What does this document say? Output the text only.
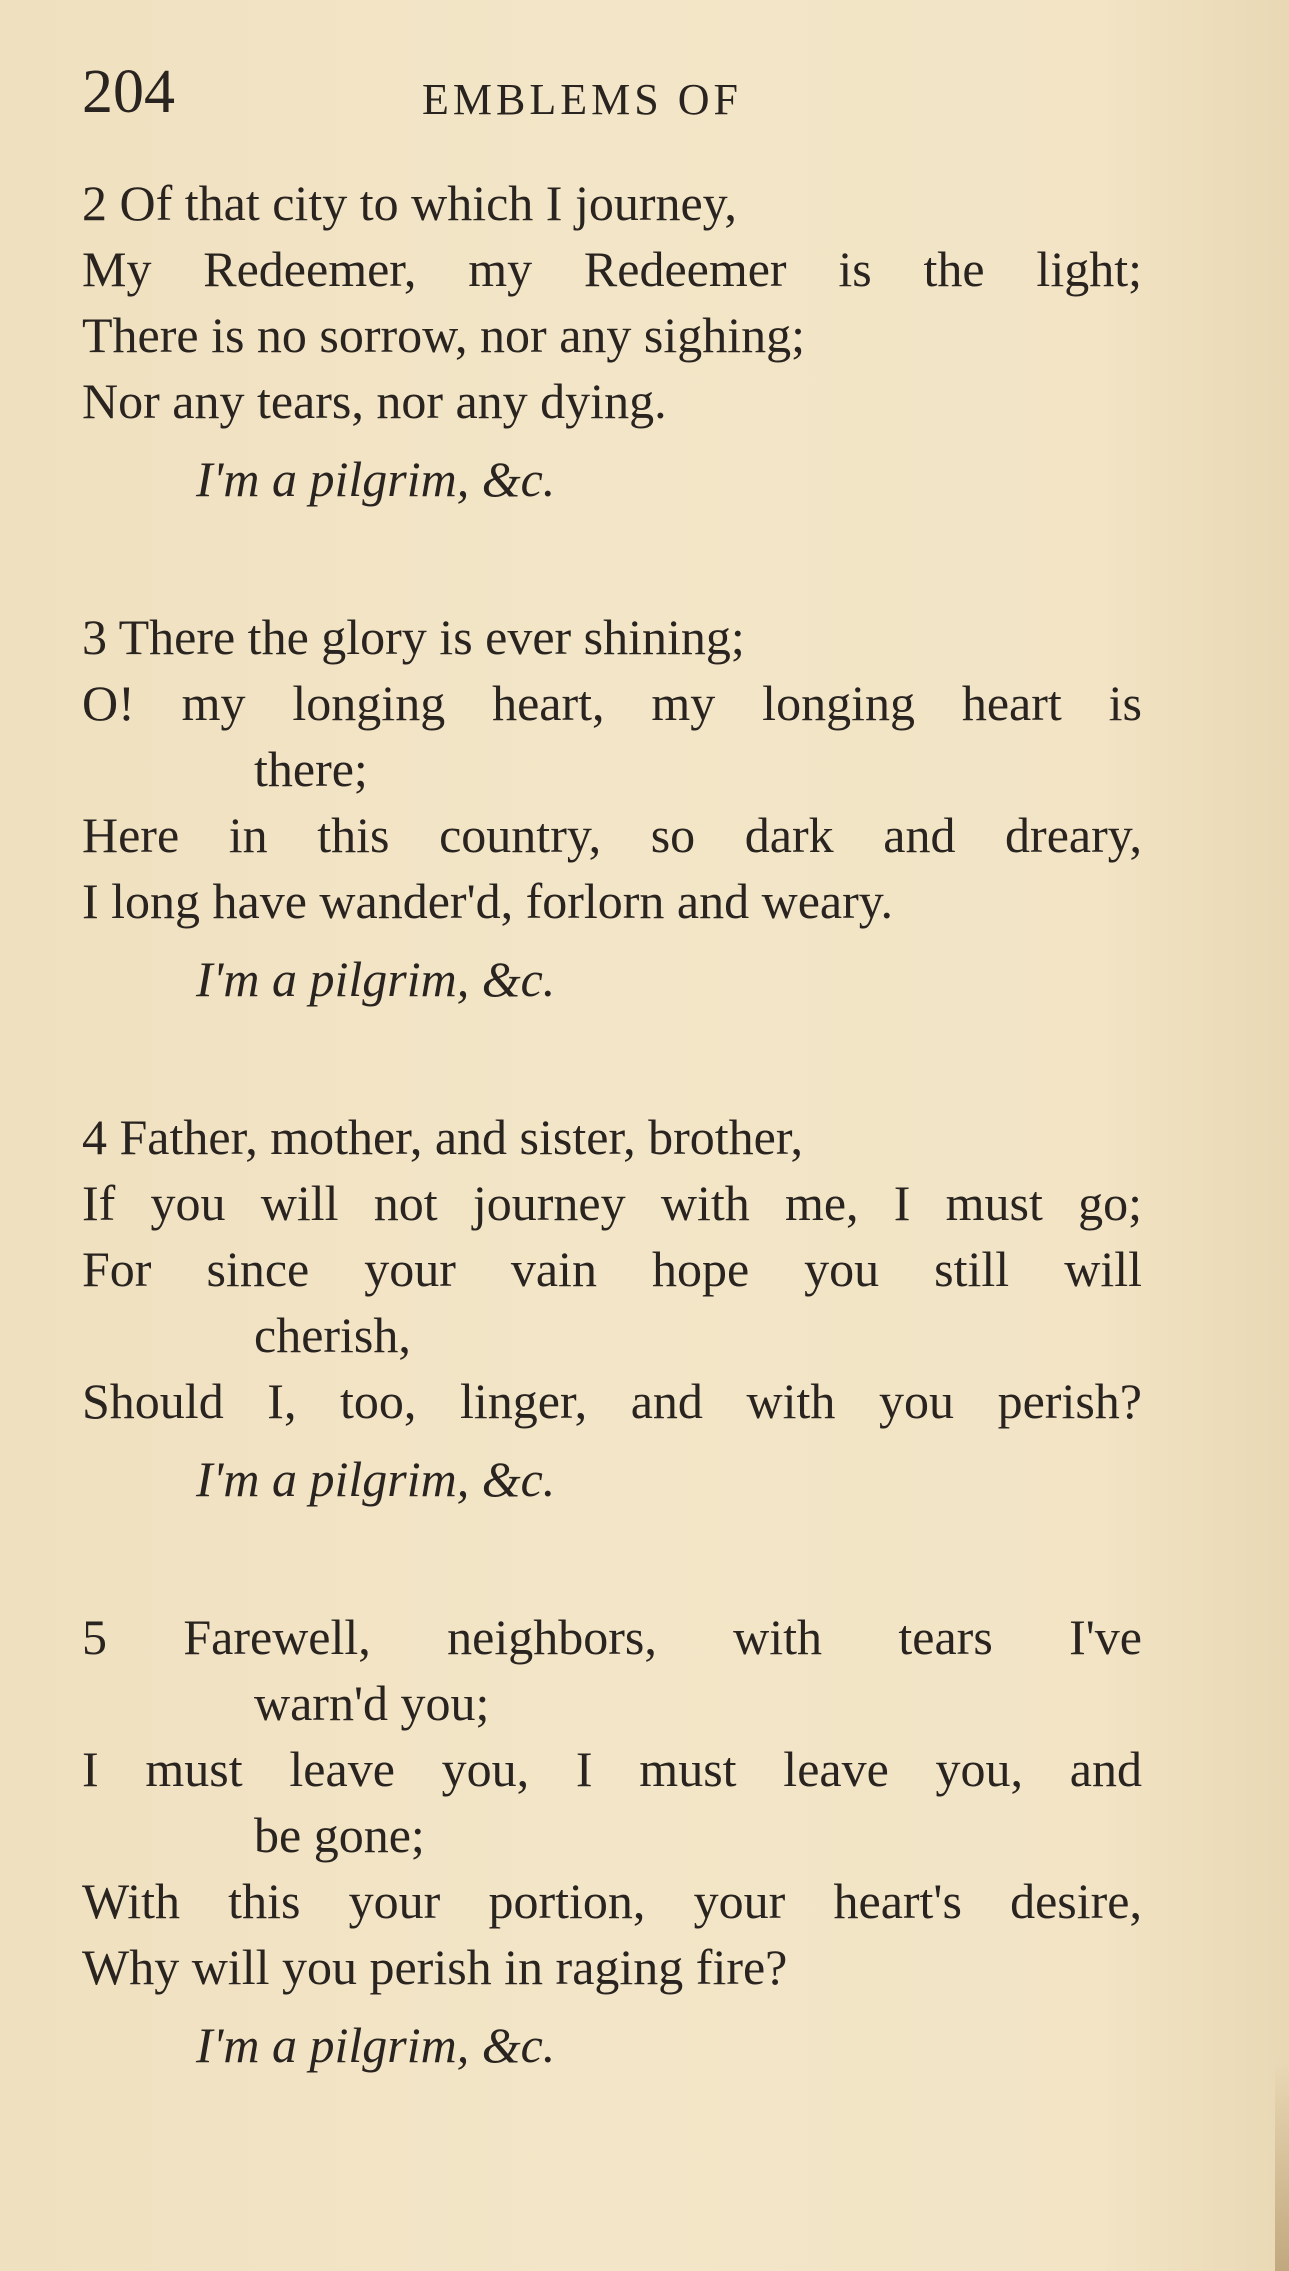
204	EMBLEMS OF
2 Of that city to which I journey,
My Redeemer, my Redeemer is the light;
There is no sorrow, nor any sighing;
Nor any tears, nor any dying.
I'm a pilgrim, &c.
3 There the glory is ever shining;
O! my longing heart, my longing heart is
there;
Here in this country, so dark and dreary,
I long have wander'd, forlorn and weary.
I'm a pilgrim, &c.
4 Father, mother, and sister, brother,
If you will not journey with me, I must go;
For since your vain hope you still will
cherish,
Should I, too, linger, and with you perish?
I'm a pilgrim, &c.
5 Farewell, neighbors, with tears I've
warn'd you;
I must leave you, I must leave you, and
be gone;
With this your portion, your heart's desire,
Why will you perish in raging fire?
I'm a pilgrim, &c.
